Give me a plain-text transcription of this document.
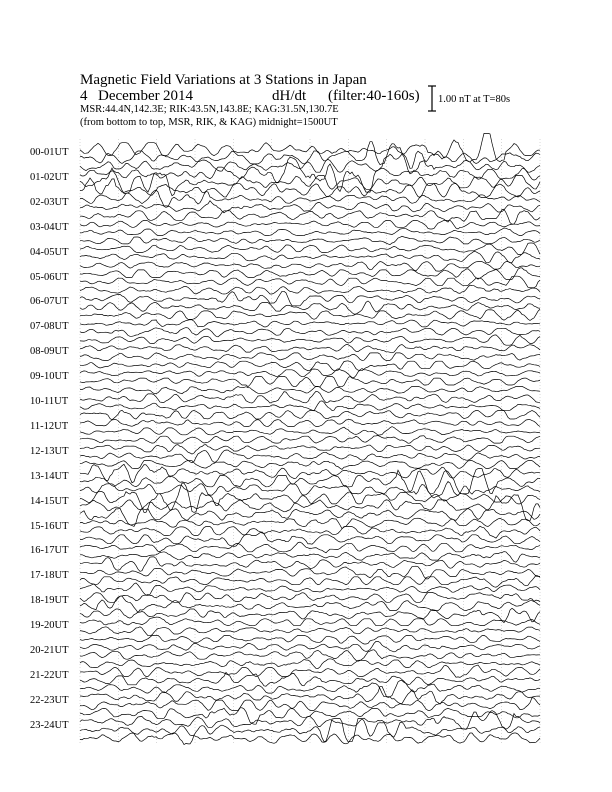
Magnetic Field Variations at 3 Stations in Japan
4 December 2014	dH/dt (filter:40-160s)
MSR:44.4N,142.3E; RIK:43.5N,143.8E; KAG:31.5N,130.7E
(from bottom to top, MSR, RIK, & KAG) midnight=1500UT
1.00 nT at T=80s
00-01UT
01-02UT
02-03UT
03-04UT
04-05UT
05-06UT
06-07UT
07-08UT
08-09UT
09-10UT
10-11UT
11-12UT
12-13UT
13-14UT
14-15UT
15-16UT
16-17UT
17-18UT
18-19UT
19-20UT
20-21UT
21-22UT
22-23UT
23-24UT
